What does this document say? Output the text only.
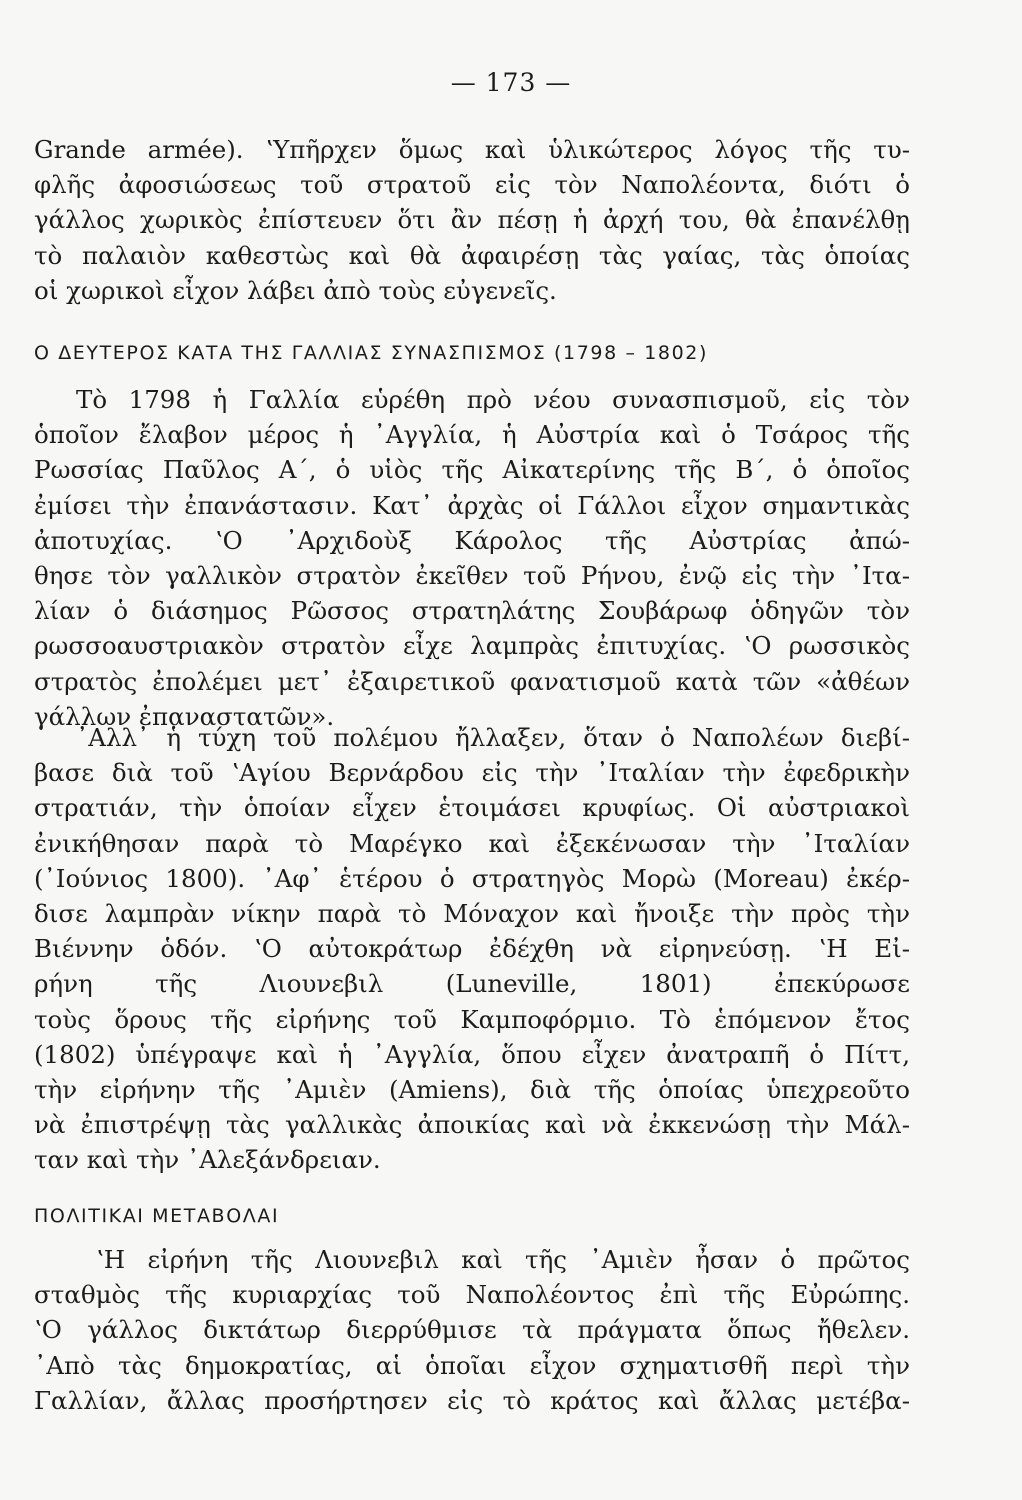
— 173 —
Grande armée). ʽΥπῆρχεν ὅμως καὶ ὑλικώτερος λόγος τῆς τυ-
φλῆς ἀφοσιώσεως τοῦ στρατοῦ εἰς τὸν Ναπολέοντα, διότι ὁ
γάλλος χωρικὸς ἐπίστευεν ὅτι ἂν πέσῃ ἡ ἀρχή του, θὰ ἐπανέλθῃ
τὸ παλαιὸν καθεστὼς καὶ θὰ ἀφαιρέσῃ τὰς γαίας, τὰς ὁποίας
οἱ χωρικοὶ εἶχον λάβει ἀπὸ τοὺς εὐγενεῖς.
Ο ΔΕΥΤΕΡΟΣ ΚΑΤΑ ΤΗΣ ΓΑΛΛΙΑΣ ΣΥΝΑΣΠΙΣΜΟΣ (1798 – 1802)
Τὸ 1798 ἡ Γαλλία εὑρέθη πρὸ νέου συνασπισμοῦ, εἰς τὸν
ὁποῖον ἔλαβον μέρος ἡ ᾿Αγγλία, ἡ Αὐστρία καὶ ὁ Τσάρος τῆς
Ρωσσίας Παῦλος Α΄, ὁ υἱὸς τῆς Αἰκατερίνης τῆς Β΄, ὁ ὁποῖος
ἐμίσει τὴν ἐπανάστασιν. Κατ᾿ ἀρχὰς οἱ Γάλλοι εἶχον σημαντικὰς
ἀποτυχίας. ʽΟ ᾿Αρχιδοὺξ Κάρολος τῆς Αὐστρίας ἀπώ-
θησε τὸν γαλλικὸν στρατὸν ἐκεῖθεν τοῦ Ρήνου, ἐνῷ εἰς τὴν ᾿Ιτα-
λίαν ὁ διάσημος Ρῶσσος στρατηλάτης Σουβάρωφ ὁδηγῶν τὸν
ρωσσοαυστριακὸν στρατὸν εἶχε λαμπρὰς ἐπιτυχίας. ʽΟ ρωσσικὸς
στρατὸς ἐπολέμει μετ᾿ ἐξαιρετικοῦ φανατισμοῦ κατὰ τῶν «ἀθέων
γάλλων ἐπαναστατῶν».
᾿Αλλ᾿ ἡ τύχη τοῦ πολέμου ἤλλαξεν, ὅταν ὁ Ναπολέων διεβί-
βασε διὰ τοῦ ʽΑγίου Βερνάρδου εἰς τὴν ᾿Ιταλίαν τὴν ἐφεδρικὴν
στρατιάν, τὴν ὁποίαν εἶχεν ἑτοιμάσει κρυφίως. Οἱ αὐστριακοὶ
ἐνικήθησαν παρὰ τὸ Μαρέγκο καὶ ἐξεκένωσαν τὴν ᾿Ιταλίαν
(᾿Ιούνιος 1800). ᾿Αφ᾿ ἑτέρου ὁ στρατηγὸς Μορὼ (Moreau) ἐκέρ-
δισε λαμπρὰν νίκην παρὰ τὸ Μόναχον καὶ ἤνοιξε τὴν πρὸς τὴν
Βιέννην ὁδόν. ʽΟ αὐτοκράτωρ ἐδέχθη νὰ εἰρηνεύσῃ. ʽΗ Εἰ-
ρήνη τῆς Λιουνεβιλ (Luneville, 1801) ἐπεκύρωσε
τοὺς ὅρους τῆς εἰρήνης τοῦ Καμποφόρμιο. Τὸ ἑπόμενον ἔτος
(1802) ὑπέγραψε καὶ ἡ ᾿Αγγλία, ὅπου εἶχεν ἀνατραπῆ ὁ Πίττ,
τὴν εἰρήνην τῆς ᾿Αμιὲν (Amiens), διὰ τῆς ὁποίας ὑπεχρεοῦτο
νὰ ἐπιστρέψῃ τὰς γαλλικὰς ἀποικίας καὶ νὰ ἐκκενώσῃ τὴν Μάλ-
ταν καὶ τὴν ᾿Αλεξάνδρειαν.
ΠΟΛΙΤΙΚΑΙ ΜΕΤΑΒΟΛΑΙ
ʽΗ εἰρήνη τῆς Λιουνεβιλ καὶ τῆς ᾿Αμιὲν ἦσαν ὁ πρῶτος
σταθμὸς τῆς κυριαρχίας τοῦ Ναπολέοντος ἐπὶ τῆς Εὐρώπης.
ʽΟ γάλλος δικτάτωρ διερρύθμισε τὰ πράγματα ὅπως ἤθελεν.
᾿Απὸ τὰς δημοκρατίας, αἱ ὁποῖαι εἶχον σχηματισθῆ περὶ τὴν
Γαλλίαν, ἄλλας προσήρτησεν εἰς τὸ κράτος καὶ ἄλλας μετέβα-
